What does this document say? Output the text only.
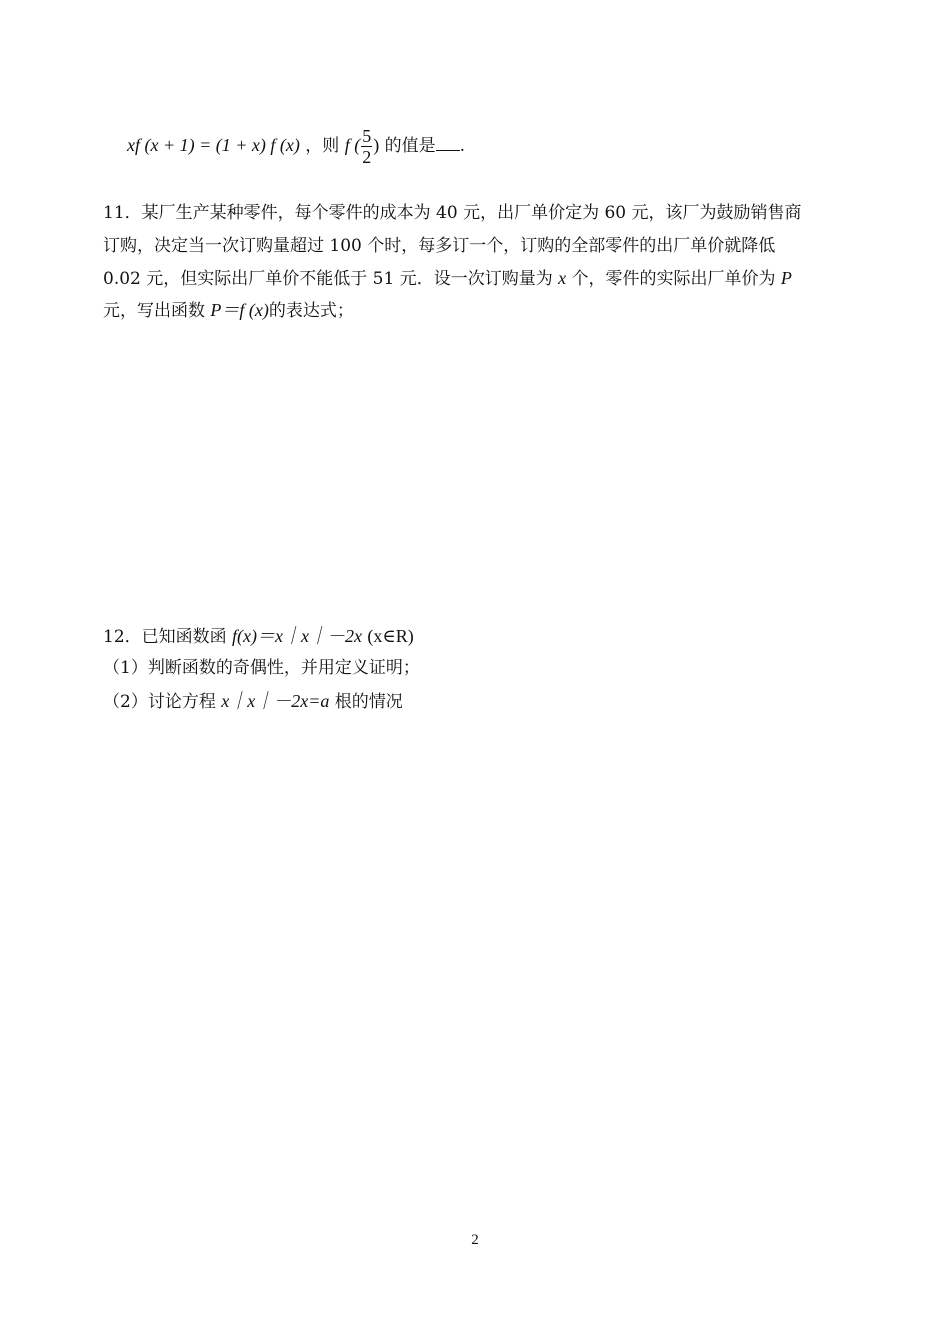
xf (x + 1) = (1 + x) f (x) ，则 f ( $\frac{5}{2}$ ) 的值是 .
11．某厂生产某种零件，每个零件的成本为 40 元，出厂单价定为 60 元，该厂为鼓励销售商
订购，决定当一次订购量超过 100 个时，每多订一个，订购的全部零件的出厂单价就降低
0.02 元，但实际出厂单价不能低于 51 元．设一次订购量为 x 个，零件的实际出厂单价为 P
元，写出函数 P＝f (x)的表达式；
12．已知函数函 f(x)＝x｜x｜－2x (x∈R)
（1）判断函数的奇偶性，并用定义证明；
（2）讨论方程 x｜x｜－2x=a 根的情况
2
